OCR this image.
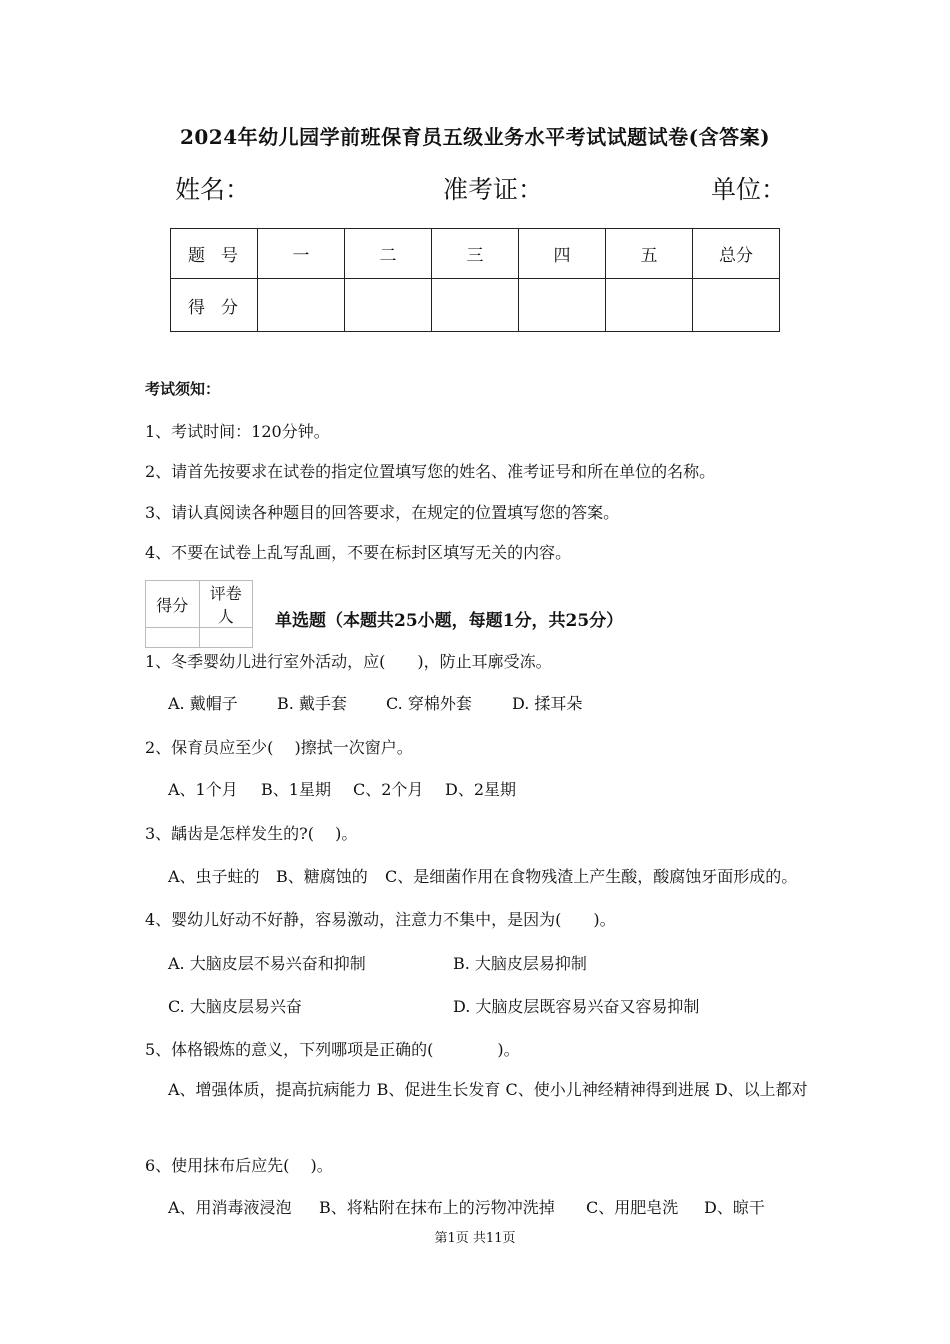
2024年幼儿园学前班保育员五级业务水平考试试题试卷(含答案)
姓名：	准考证：	单位：
题号	一	二	三	四	五	总分
得分						
考试须知：
1、考试时间：120分钟。
2、请首先按要求在试卷的指定位置填写您的姓名、准考证号和所在单位的名称。
3、请认真阅读各种题目的回答要求，在规定的位置填写您的答案。
4、不要在试卷上乱写乱画，不要在标封区填写无关的内容。
得分	评卷人
	单选题（本题共25小题，每题1分，共25分）
1、冬季婴幼儿进行室外活动，应(　　)，防止耳廓受冻。
A. 戴帽子 B. 戴手套 C. 穿棉外套	D. 揉耳朵
2、保育员应至少(　 )擦拭一次窗户。
A、1个月 B、1星期 C、2个月 D、2星期
3、龋齿是怎样发生的?(　 )。
A、虫子蛀的 B、糖腐蚀的 C、是细菌作用在食物残渣上产生酸，酸腐蚀牙面形成的。
4、婴幼儿好动不好静，容易激动，注意力不集中，是因为(　　)。
A. 大脑皮层不易兴奋和抑制	B. 大脑皮层易抑制
C. 大脑皮层易兴奋	D. 大脑皮层既容易兴奋又容易抑制
5、体格锻炼的意义，下列哪项是正确的(　　　　)。
A、增强体质，提高抗病能力 B、促进生长发育 C、使小儿神经精神得到进展 D、以上都对
6、使用抹布后应先(　 )。
A、用消毒液浸泡 B、将粘附在抹布上的污物冲洗掉 C、用肥皂洗 D、晾干
第1页 共11页
